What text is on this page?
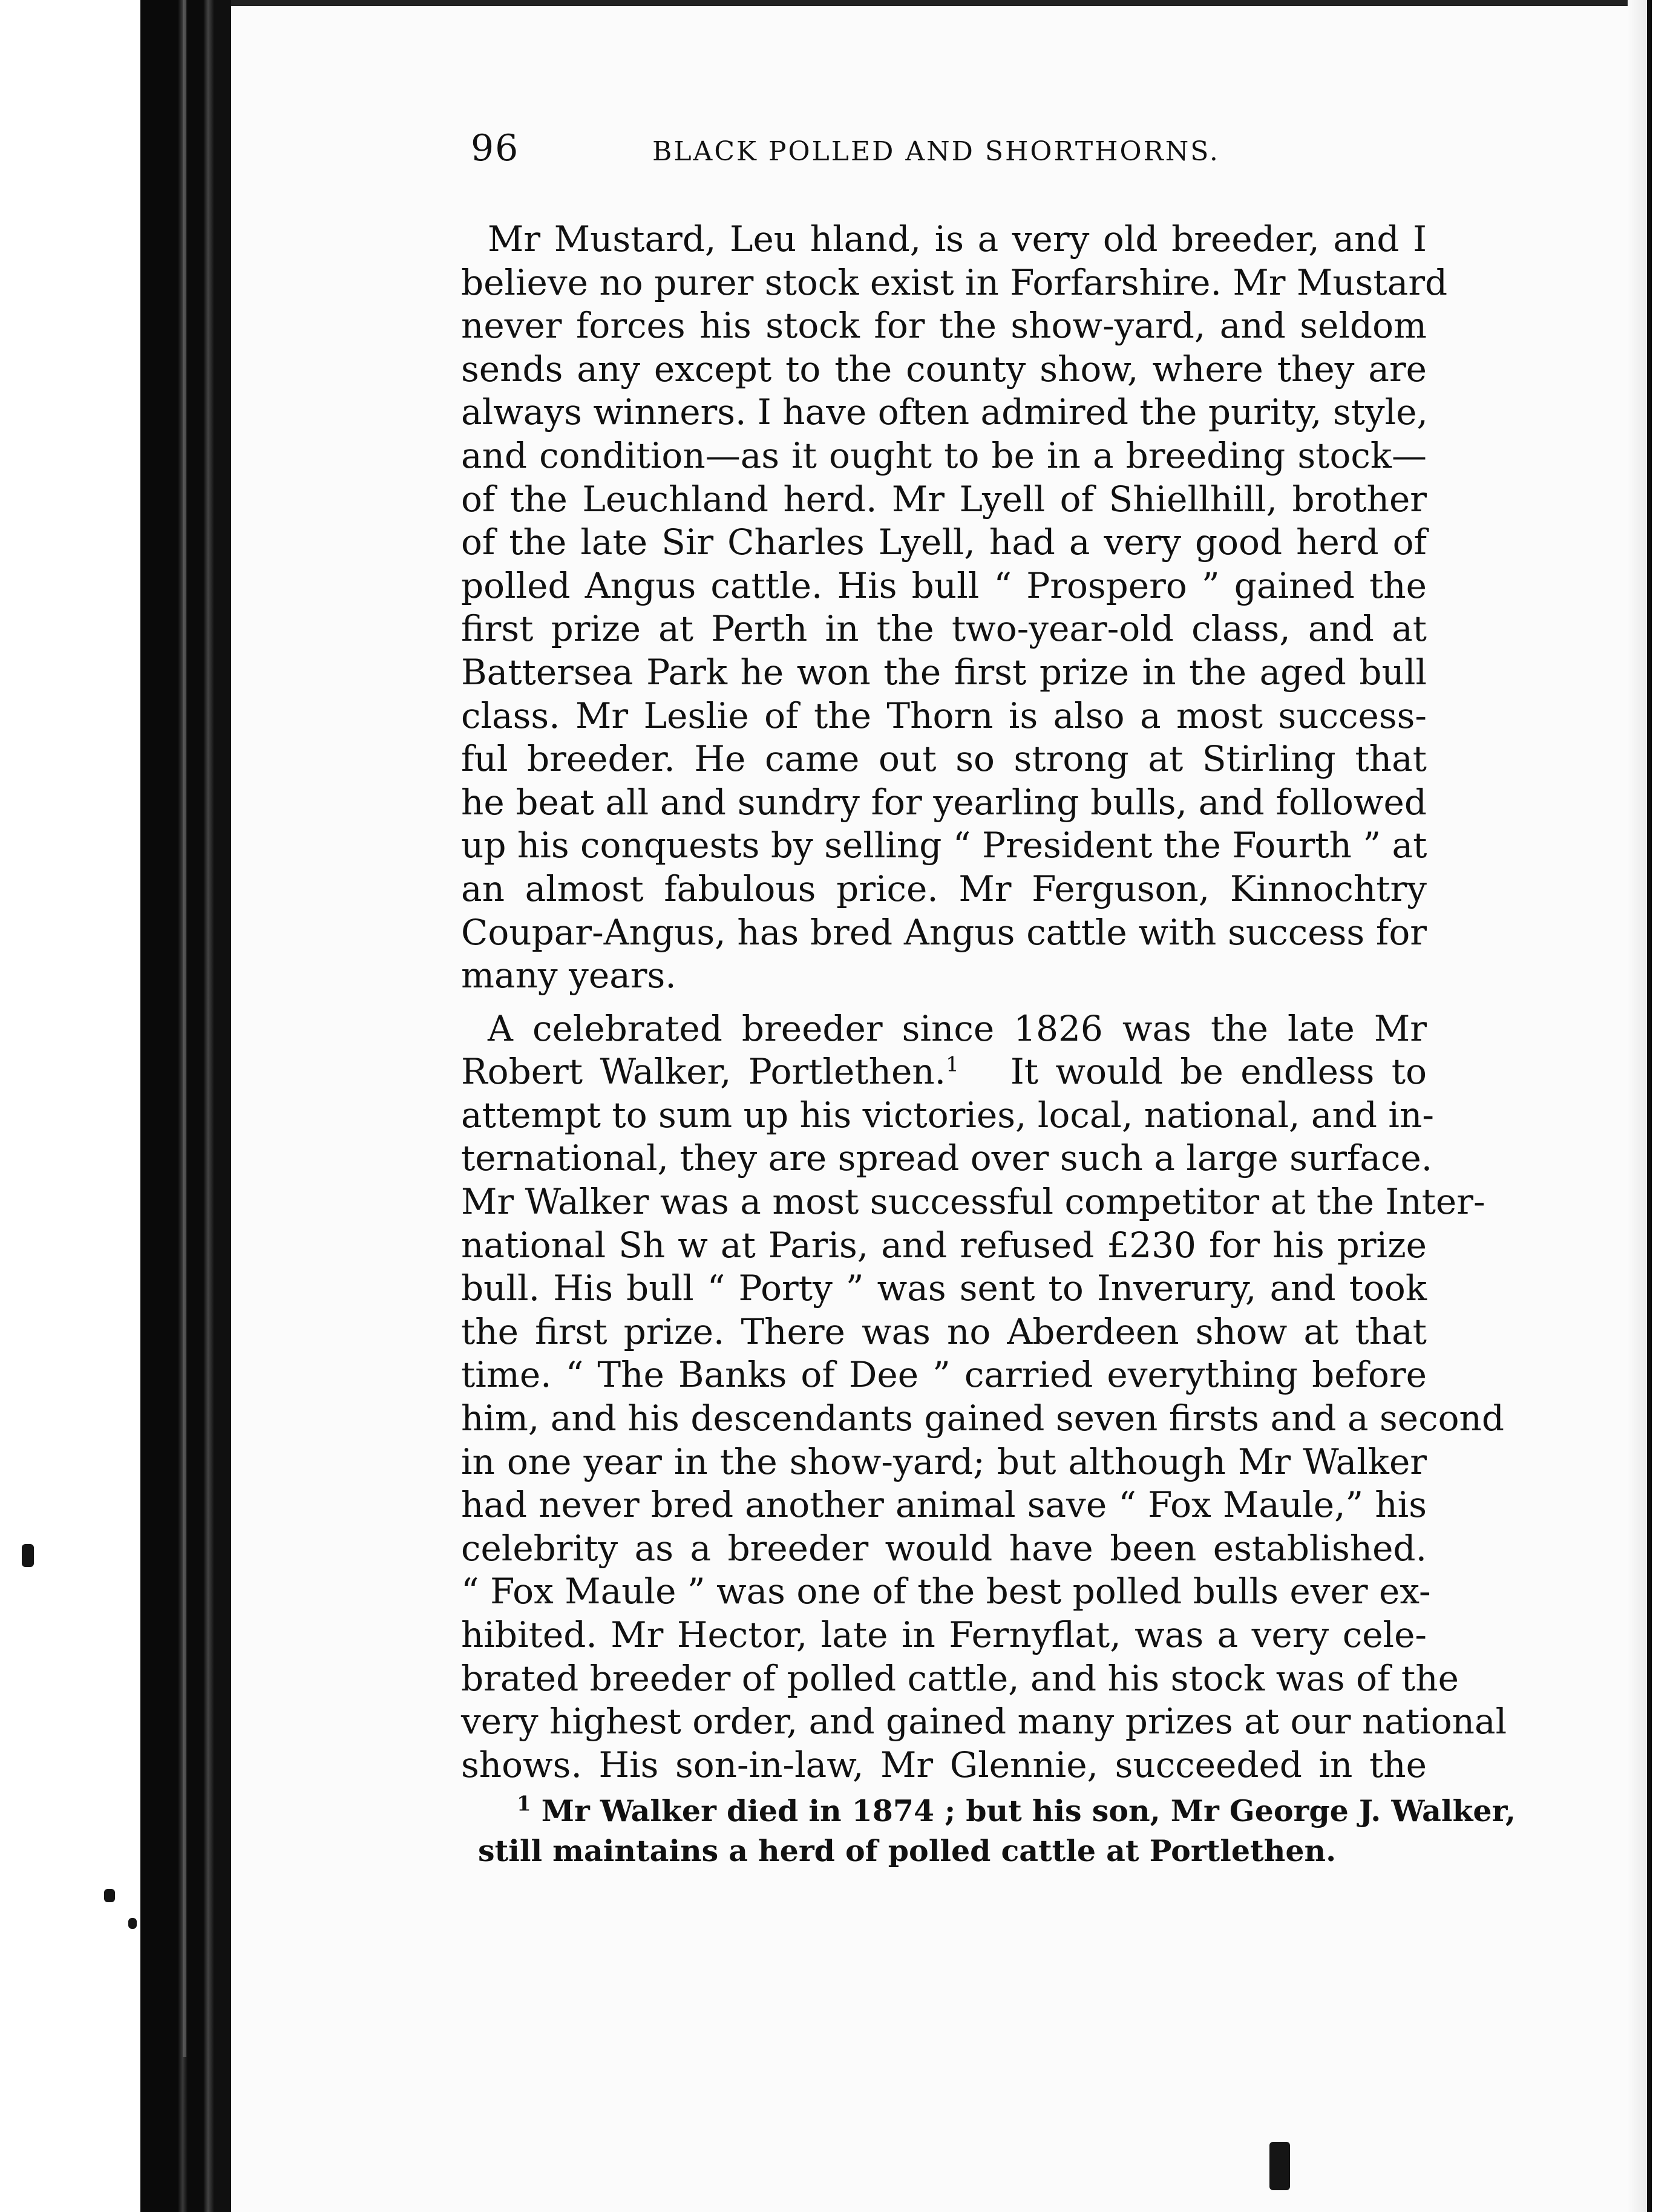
96	BLACK POLLED AND SHORTHORNS.
Mr Mustard, Leu hland, is a very old breeder, and I
believe no purer stock exist in Forfarshire. Mr Mustard
never forces his stock for the show-yard, and seldom
sends any except to the county show, where they are
always winners. I have often admired the purity, style,
and condition—as it ought to be in a breeding stock—
of the Leuchland herd. Mr Lyell of Shiellhill, brother
of the late Sir Charles Lyell, had a very good herd of
polled Angus cattle. His bull “ Prospero ” gained the
first prize at Perth in the two-year-old class, and at
Battersea Park he won the first prize in the aged bull
class. Mr Leslie of the Thorn is also a most success-
ful breeder. He came out so strong at Stirling that
he beat all and sundry for yearling bulls, and followed
up his conquests by selling “ President the Fourth ” at
an almost fabulous price. Mr Ferguson, Kinnochtry
Coupar-Angus, has bred Angus cattle with success for
many years.
A celebrated breeder since 1826 was the late Mr
Robert Walker, Portlethen.$^1$ It would be endless to
attempt to sum up his victories, local, national, and in-
ternational, they are spread over such a large surface.
Mr Walker was a most successful competitor at the Inter-
national Sh w at Paris, and refused £230 for his prize
bull. His bull “ Porty ” was sent to Inverury, and took
the first prize. There was no Aberdeen show at that
time. “ The Banks of Dee ” carried everything before
him, and his descendants gained seven firsts and a second
in one year in the show-yard; but although Mr Walker
had never bred another animal save “ Fox Maule,” his
celebrity as a breeder would have been established.
“ Fox Maule ” was one of the best polled bulls ever ex-
hibited. Mr Hector, late in Fernyflat, was a very cele-
brated breeder of polled cattle, and his stock was of the
very highest order, and gained many prizes at our national
shows. His son-in-law, Mr Glennie, succeeded in the
$^1$ Mr Walker died in 1874 ; but his son, Mr George J. Walker,
still maintains a herd of polled cattle at Portlethen.
